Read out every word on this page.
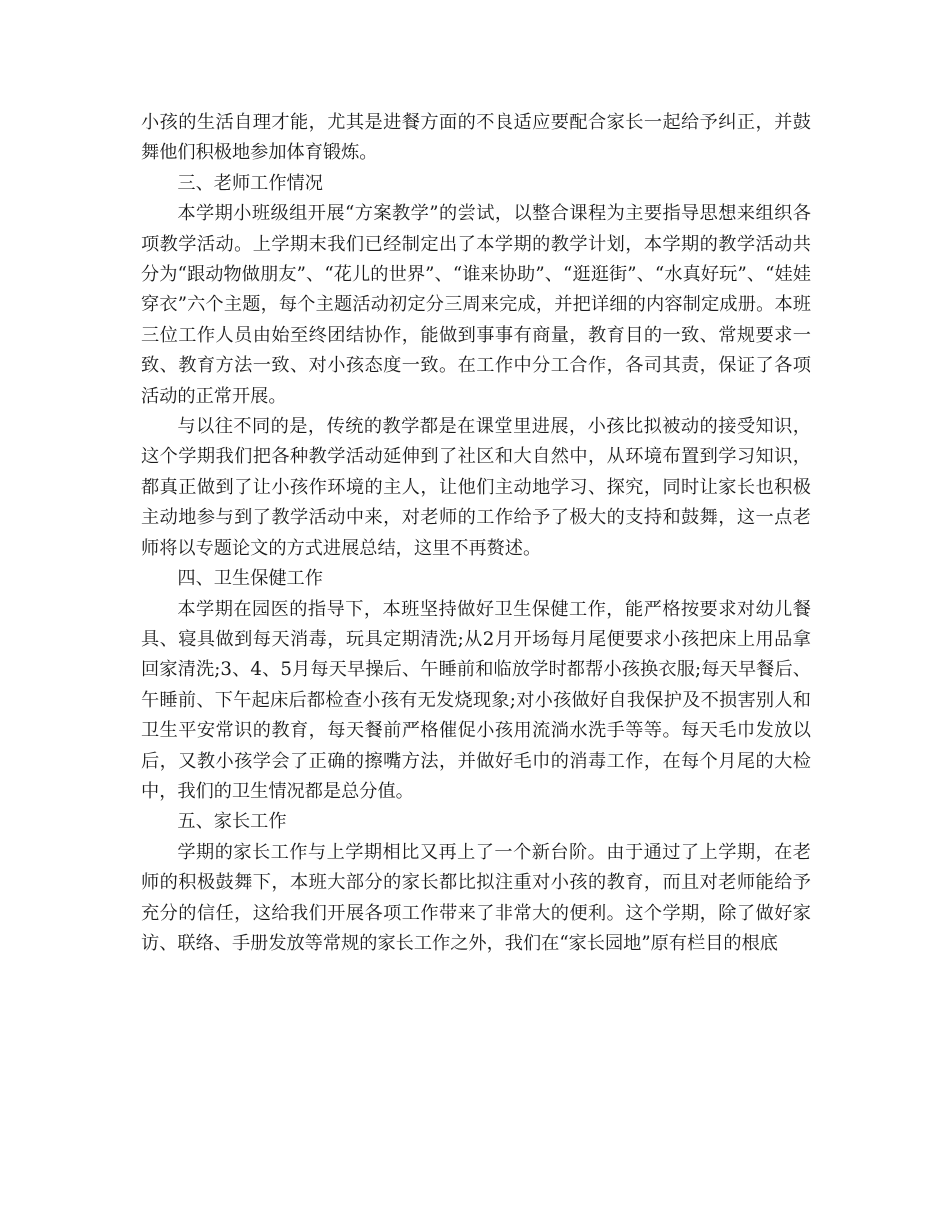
小孩的生活自理才能，尤其是进餐方面的不良适应要配合家长一起给予纠正，并鼓舞他们积极地参加体育锻炼。

三、老师工作情况

本学期小班级组开展“方案教学”的尝试，以整合课程为主要指导思想来组织各项教学活动。上学期末我们已经制定出了本学期的教学计划，本学期的教学活动共分为“跟动物做朋友”、“花儿的世界”、“谁来协助”、“逛逛街”、“水真好玩”、“娃娃穿衣”六个主题，每个主题活动初定分三周来完成，并把详细的内容制定成册。本班三位工作人员由始至终团结协作，能做到事事有商量，教育目的一致、常规要求一致、教育方法一致、对小孩态度一致。在工作中分工合作，各司其责，保证了各项活动的正常开展。

与以往不同的是，传统的教学都是在课堂里进展，小孩比拟被动的接受知识，这个学期我们把各种教学活动延伸到了社区和大自然中，从环境布置到学习知识，都真正做到了让小孩作环境的主人，让他们主动地学习、探究，同时让家长也积极主动地参与到了教学活动中来，对老师的工作给予了极大的支持和鼓舞，这一点老师将以专题论文的方式进展总结，这里不再赘述。

四、卫生保健工作

本学期在园医的指导下，本班坚持做好卫生保健工作，能严格按要求对幼儿餐具、寝具做到每天消毒，玩具定期清洗;从2月开场每月尾便要求小孩把床上用品拿回家清洗;3、4、5月每天早操后、午睡前和临放学时都帮小孩换衣服;每天早餐后、午睡前、下午起床后都检查小孩有无发烧现象;对小孩做好自我保护及不损害别人和卫生平安常识的教育，每天餐前严格催促小孩用流淌水洗手等等。每天毛巾发放以后，又教小孩学会了正确的擦嘴方法，并做好毛巾的消毒工作，在每个月尾的大检中，我们的卫生情况都是总分值。

五、家长工作

学期的家长工作与上学期相比又再上了一个新台阶。由于通过了上学期，在老师的积极鼓舞下，本班大部分的家长都比拟注重对小孩的教育，而且对老师能给予充分的信任，这给我们开展各项工作带来了非常大的便利。这个学期，除了做好家访、联络、手册发放等常规的家长工作之外，我们在“家长园地”原有栏目的根底
